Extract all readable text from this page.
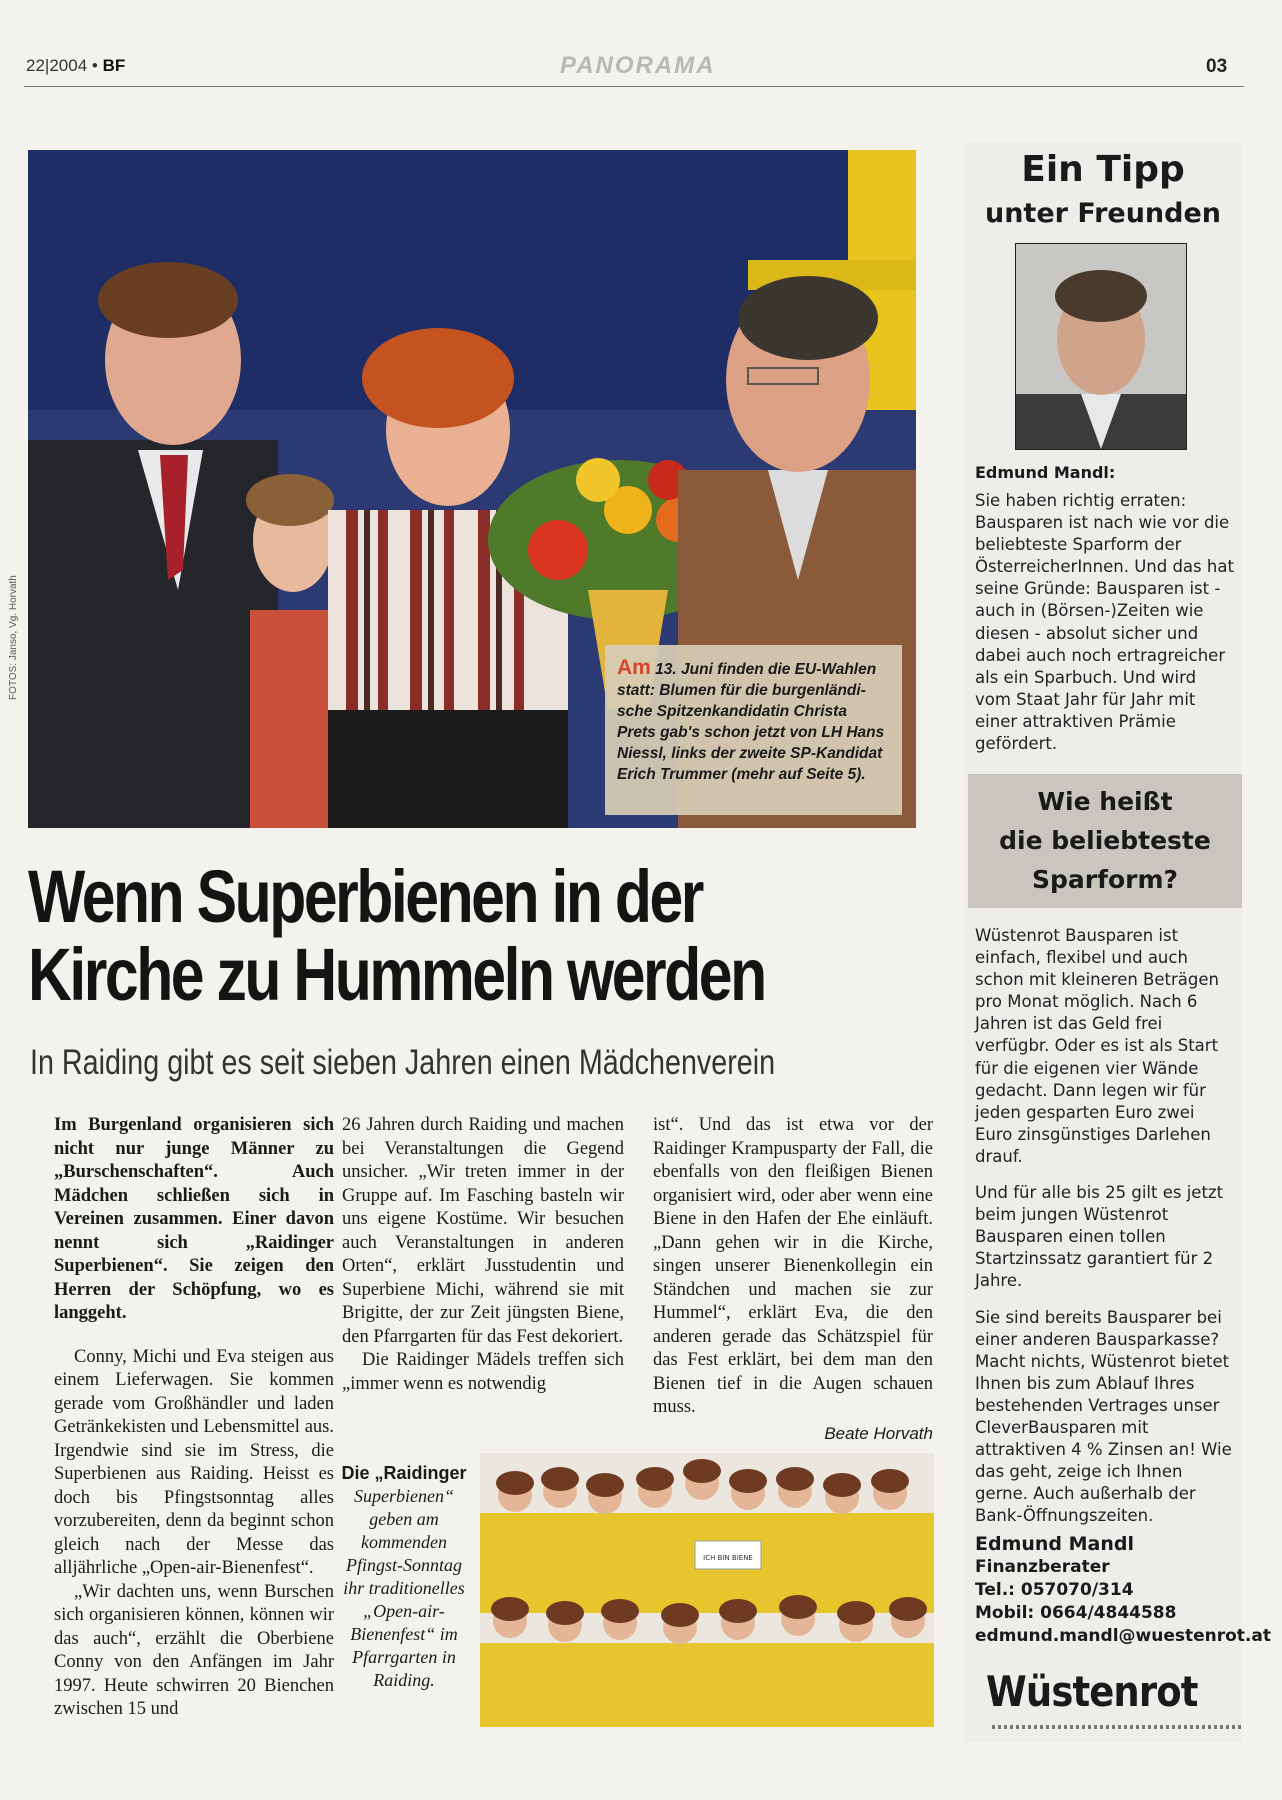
22|2004 • BF	PANORAMA	03
FOTOS: Janso, Vg. Horvath	Am 13. Juni finden die EU-Wahlen statt: Blumen für die burgenländi-sche Spitzenkandidatin Christa Prets gab's schon jetzt von LH Hans Niessl, links der zweite SP-Kandidat Erich Trummer (mehr auf Seite 5).
Wenn Superbienen in der
Kirche zu Hummeln werden
In Raiding gibt es seit sieben Jahren einen Mädchenverein

Im Burgenland organisieren sich nicht nur junge Männer zu „Burschenschaften“. Auch Mädchen schließen sich in Vereinen zusammen. Einer davon nennt sich „Raidinger Superbienen“. Sie zeigen den Herren der Schöpfung, wo es langgeht.

Conny, Michi und Eva steigen aus einem Lieferwagen. Sie kommen gerade vom Großhändler und laden Getränkekisten und Lebensmittel aus. Irgendwie sind sie im Stress, die Superbienen aus Raiding. Heisst es doch bis Pfingstsonntag alles vorzubereiten, denn da beginnt schon gleich nach der Messe das alljährliche „Open-air-Bienenfest“.

„Wir dachten uns, wenn Burschen sich organisieren können, können wir das auch“, erzählt die Oberbiene Conny von den Anfängen im Jahr 1997. Heute schwirren 20 Bienchen zwischen 15 und

26 Jahren durch Raiding und machen bei Veranstaltungen die Gegend unsicher. „Wir treten immer in der Gruppe auf. Im Fasching basteln wir uns eigene Kostüme. Wir besuchen auch Veranstaltungen in anderen Orten“, erklärt Jusstudentin und Superbiene Michi, während sie mit Brigitte, der zur Zeit jüngsten Biene, den Pfarrgarten für das Fest dekoriert.

Die Raidinger Mädels treffen sich „immer wenn es notwendig

ist“. Und das ist etwa vor der Raidinger Krampusparty der Fall, die ebenfalls von den fleißigen Bienen organisiert wird, oder aber wenn eine Biene in den Hafen der Ehe einläuft. „Dann gehen wir in die Kirche, singen unserer Bienenkollegin ein Ständchen und machen sie zur Hummel“, erklärt Eva, die den anderen gerade das Schätzspiel für das Fest erklärt, bei dem man den Bienen tief in die Augen schauen muss.

Beate Horvath
Die „Raidinger Superbienen“ geben am kommenden Pfingst-Sonntag ihr traditionelles „Open-air-Bienenfest“ im Pfarrgarten in Raiding.
ICH BIN BIENE
Ein Tipp
unter Freunden
Edmund Mandl:
Sie haben richtig erraten: Bausparen ist nach wie vor die beliebteste Sparform der ÖsterreicherInnen. Und das hat seine Gründe: Bausparen ist - auch in (Börsen-)Zeiten wie diesen - absolut sicher und dabei auch noch ertragreicher als ein Sparbuch. Und wird vom Staat Jahr für Jahr mit einer attraktiven Prämie gefördert.
Wie heißt
die beliebteste
Sparform?

Wüstenrot Bausparen ist einfach, flexibel und auch schon mit kleineren Beträgen pro Monat möglich. Nach 6 Jahren ist das Geld frei verfügbr. Oder es ist als Start für die eigenen vier Wände gedacht. Dann legen wir für jeden gesparten Euro zwei Euro zinsgünstiges Darlehen drauf.

Und für alle bis 25 gilt es jetzt beim jungen Wüstenrot Bausparen einen tollen Startzinssatz garantiert für 2 Jahre.

Sie sind bereits Bausparer bei einer anderen Bausparkasse? Macht nichts, Wüstenrot bietet Ihnen bis zum Ablauf Ihres bestehenden Vertrages unser CleverBausparen mit attraktiven 4 % Zinsen an! Wie das geht, zeige ich Ihnen gerne. Auch außerhalb der Bank-Öffnungszeiten.

Edmund Mandl
Finanzberater
Tel.: 057070/314
Mobil: 0664/4844588
edmund.mandl@wuestenrot.at
Wüstenrot
